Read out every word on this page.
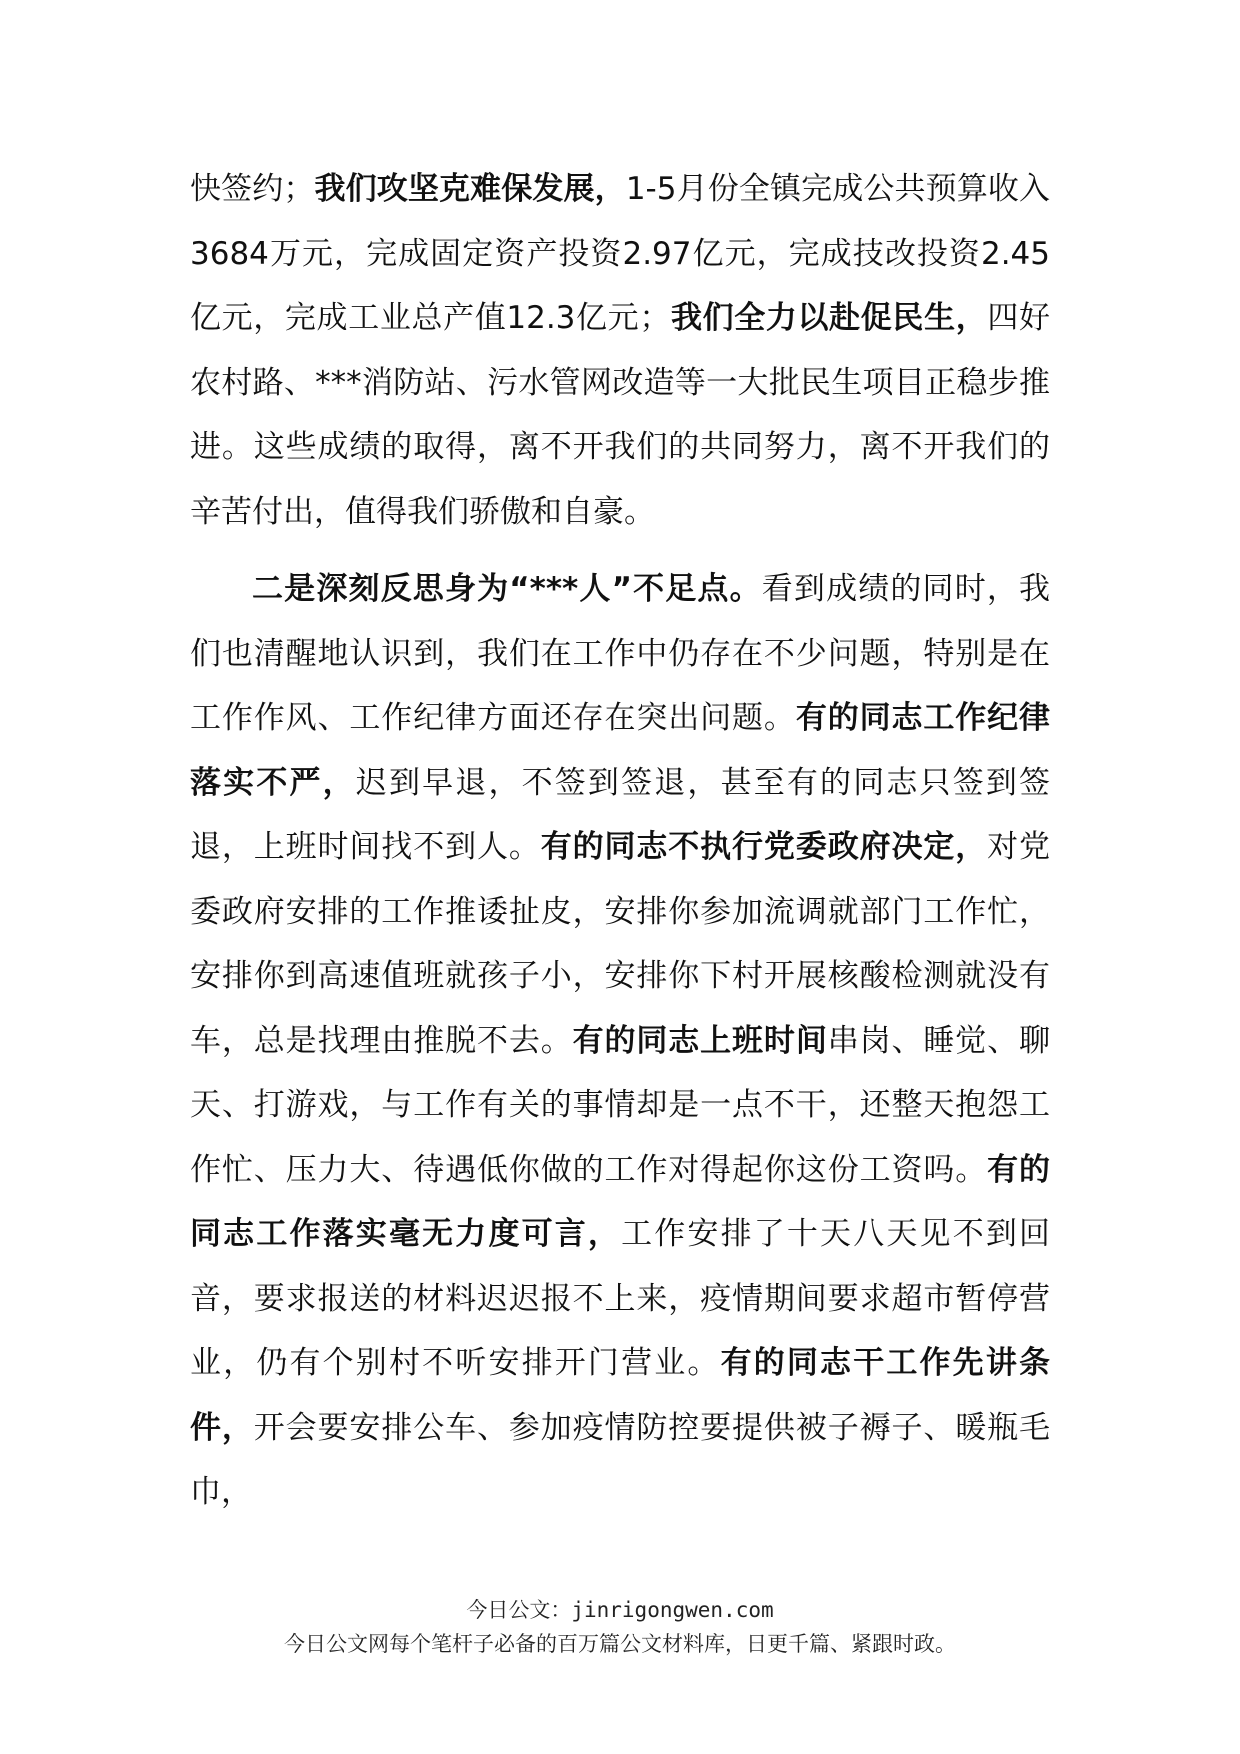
快签约；我们攻坚克难保发展，1-5月份全镇完成公共预算收入3684万元，完成固定资产投资2.97亿元，完成技改投资2.45亿元，完成工业总产值12.3亿元；我们全力以赴促民生，四好农村路、***消防站、污水管网改造等一大批民生项目正稳步推进。这些成绩的取得，离不开我们的共同努力，离不开我们的辛苦付出，值得我们骄傲和自豪。

二是深刻反思身为“***人”不足点。看到成绩的同时，我们也清醒地认识到，我们在工作中仍存在不少问题，特别是在工作作风、工作纪律方面还存在突出问题。有的同志工作纪律落实不严，迟到早退，不签到签退，甚至有的同志只签到签退，上班时间找不到人。有的同志不执行党委政府决定，对党委政府安排的工作推诿扯皮，安排你参加流调就部门工作忙，安排你到高速值班就孩子小，安排你下村开展核酸检测就没有车，总是找理由推脱不去。有的同志上班时间串岗、睡觉、聊天、打游戏，与工作有关的事情却是一点不干，还整天抱怨工作忙、压力大、待遇低你做的工作对得起你这份工资吗。有的同志工作落实毫无力度可言，工作安排了十天八天见不到回音，要求报送的材料迟迟报不上来，疫情期间要求超市暂停营业，仍有个别村不听安排开门营业。有的同志干工作先讲条件，开会要安排公车、参加疫情防控要提供被子褥子、暖瓶毛巾，

今日公文：jinrigongwen.com
今日公文网每个笔杆子必备的百万篇公文材料库，日更千篇、紧跟时政。
